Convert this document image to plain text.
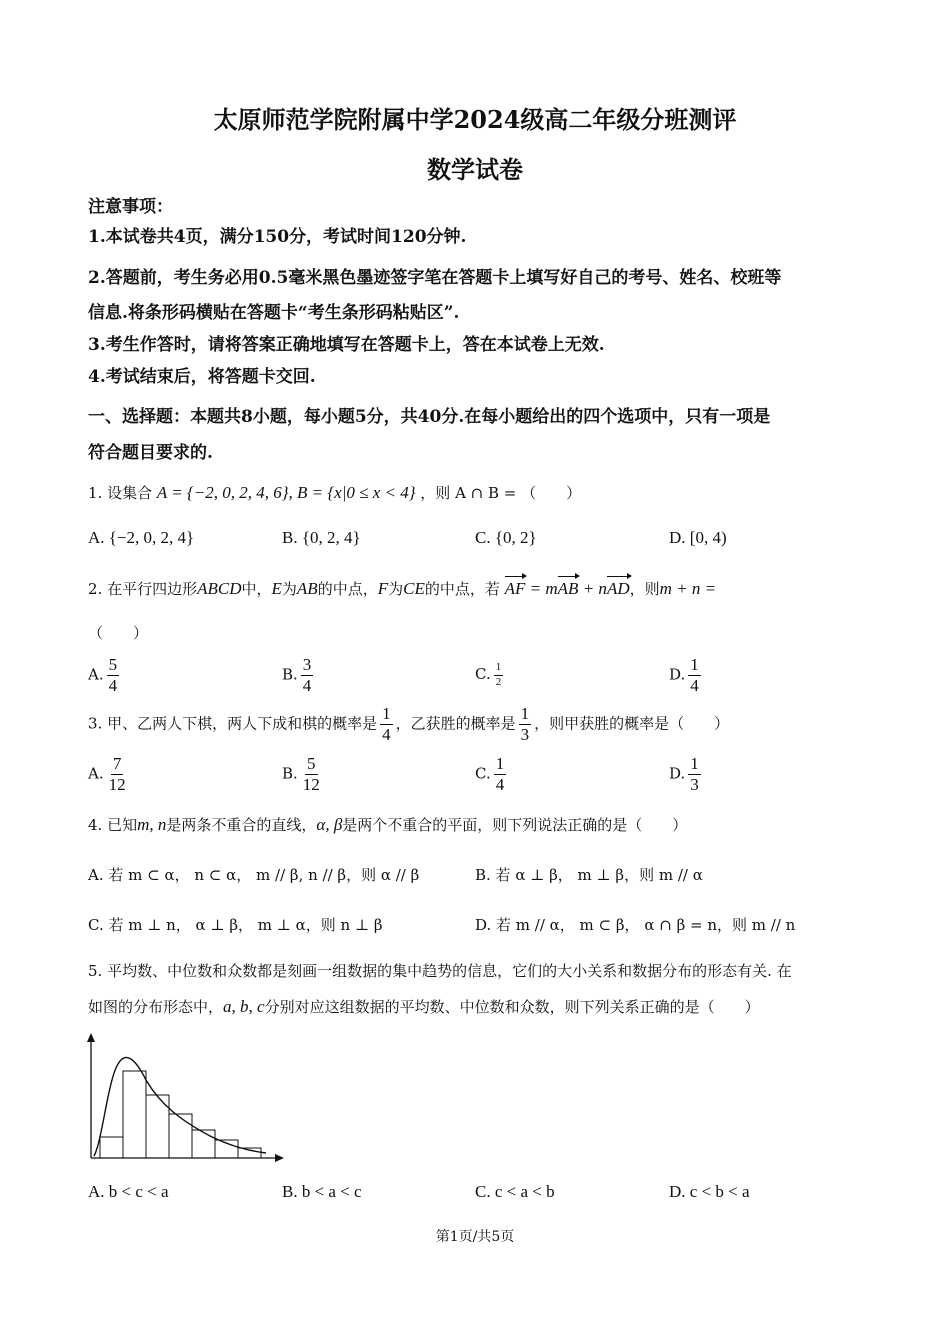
太原师范学院附属中学2024级高二年级分班测评
数学试卷
注意事项：
1.本试卷共4页，满分150分，考试时间120分钟.
2.答题前，考生务必用0.5毫米黑色墨迹签字笔在答题卡上填写好自己的考号、姓名、校班等
信息.将条形码横贴在答题卡“考生条形码粘贴区”.
3.考生作答时，请将答案正确地填写在答题卡上，答在本试卷上无效.
4.考试结束后，将答题卡交回.
一、选择题：本题共8小题，每小题5分，共40分.在每小题给出的四个选项中，只有一项是
符合题目要求的.
1. 设集合 A = {−2, 0, 2, 4, 6}, B = {x|0 ≤ x < 4} ，则 A ∩ B = （　　）
A. {−2, 0, 2, 4}	B. {0, 2, 4}	C. {0, 2}	D. [0, 4)
2. 在平行四边形ABCD中，E为AB的中点，F为CE的中点，若 AF = mAB + nAD，则m + n =
（　　）
A. $\frac{5}{4}$	B. $\frac{3}{4}$	C. $\frac{1}{2}$	D. $\frac{1}{4}$
3. 甲、乙两人下棋，两人下成和棋的概率是 $\frac{1}{4}$ ，乙获胜的概率是 $\frac{1}{3}$ ，则甲获胜的概率是（　　）
A. $\frac{7}{12}$	B. $\frac{5}{12}$	C. $\frac{1}{4}$	D. $\frac{1}{3}$
4. 已知m, n是两条不重合的直线，α, β是两个不重合的平面，则下列说法正确的是（　　）
A. 若 m ⊂ α， n ⊂ α， m // β, n // β，则 α // β	B. 若 α ⊥ β， m ⊥ β，则 m // α
C. 若 m ⊥ n， α ⊥ β， m ⊥ α，则 n ⊥ β	D. 若 m // α， m ⊂ β， α ∩ β = n，则 m // n
5. 平均数、中位数和众数都是刻画一组数据的集中趋势的信息，它们的大小关系和数据分布的形态有关. 在
如图的分布形态中，a, b, c分别对应这组数据的平均数、中位数和众数，则下列关系正确的是（　　）
A. b < c < a	B. b < a < c	C. c < a < b	D. c < b < a
第1页/共5页
